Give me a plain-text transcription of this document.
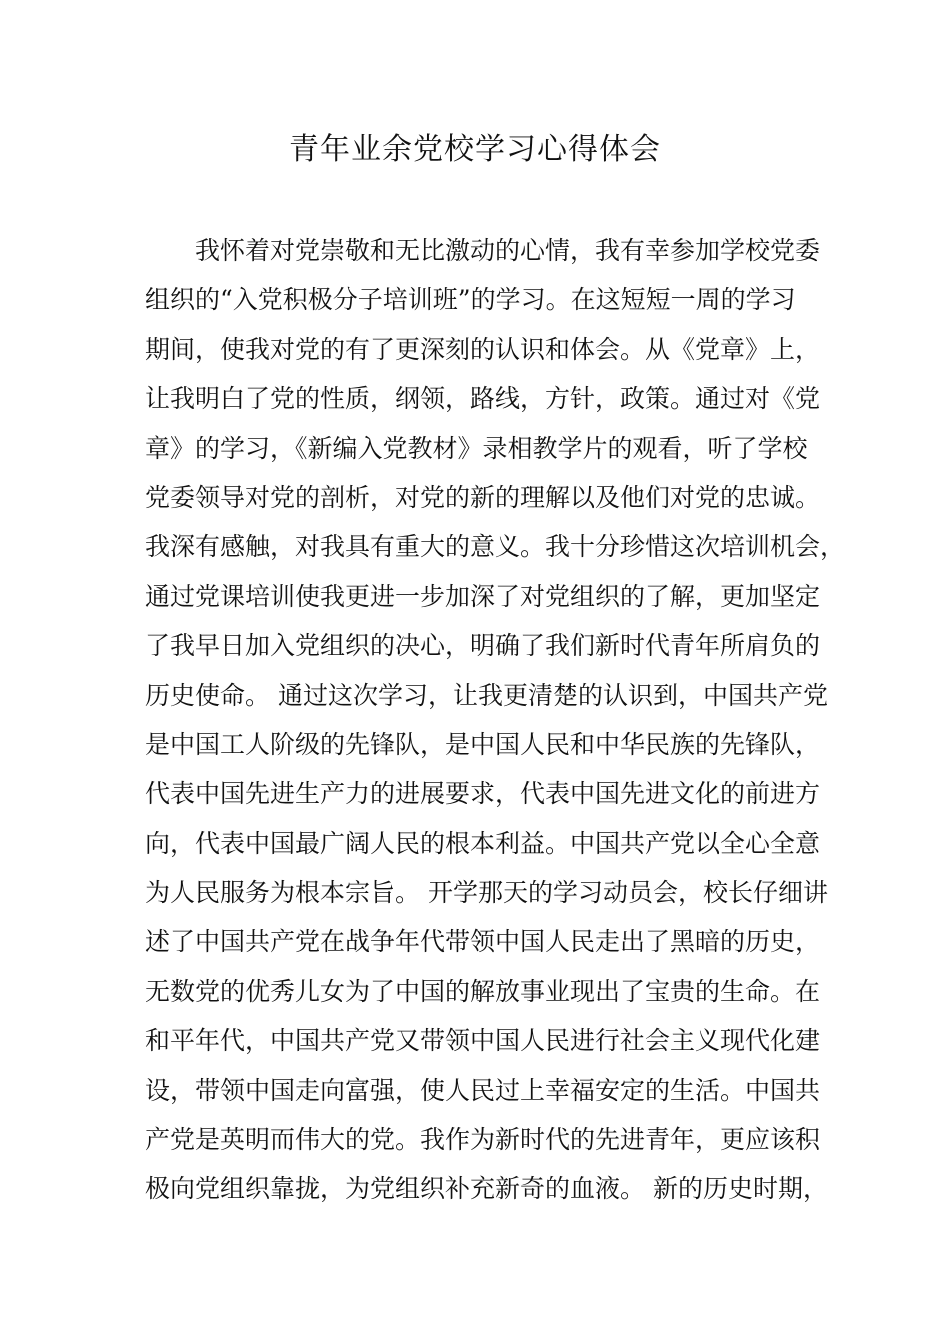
青年业余党校学习心得体会
我怀着对党崇敬和无比激动的心情，我有幸参加学校党委
组织的“入党积极分子培训班”的学习。在这短短一周的学习
期间，使我对党的有了更深刻的认识和体会。从《党章》上，
让我明白了党的性质，纲领，路线，方针，政策。通过对《党
章》的学习，《新编入党教材》录相教学片的观看，听了学校
党委领导对党的剖析，对党的新的理解以及他们对党的忠诚。
我深有感触，对我具有重大的意义。我十分珍惜这次培训机会，
通过党课培训使我更进一步加深了对党组织的了解，更加坚定
了我早日加入党组织的决心，明确了我们新时代青年所肩负的
历史使命。 通过这次学习，让我更清楚的认识到，中国共产党
是中国工人阶级的先锋队，是中国人民和中华民族的先锋队，
代表中国先进生产力的进展要求，代表中国先进文化的前进方
向，代表中国最广阔人民的根本利益。中国共产党以全心全意
为人民服务为根本宗旨。 开学那天的学习动员会，校长仔细讲
述了中国共产党在战争年代带领中国人民走出了黑暗的历史，
无数党的优秀儿女为了中国的解放事业现出了宝贵的生命。在
和平年代，中国共产党又带领中国人民进行社会主义现代化建
设，带领中国走向富强，使人民过上幸福安定的生活。中国共
产党是英明而伟大的党。我作为新时代的先进青年，更应该积
极向党组织靠拢，为党组织补充新奇的血液。 新的历史时期，
